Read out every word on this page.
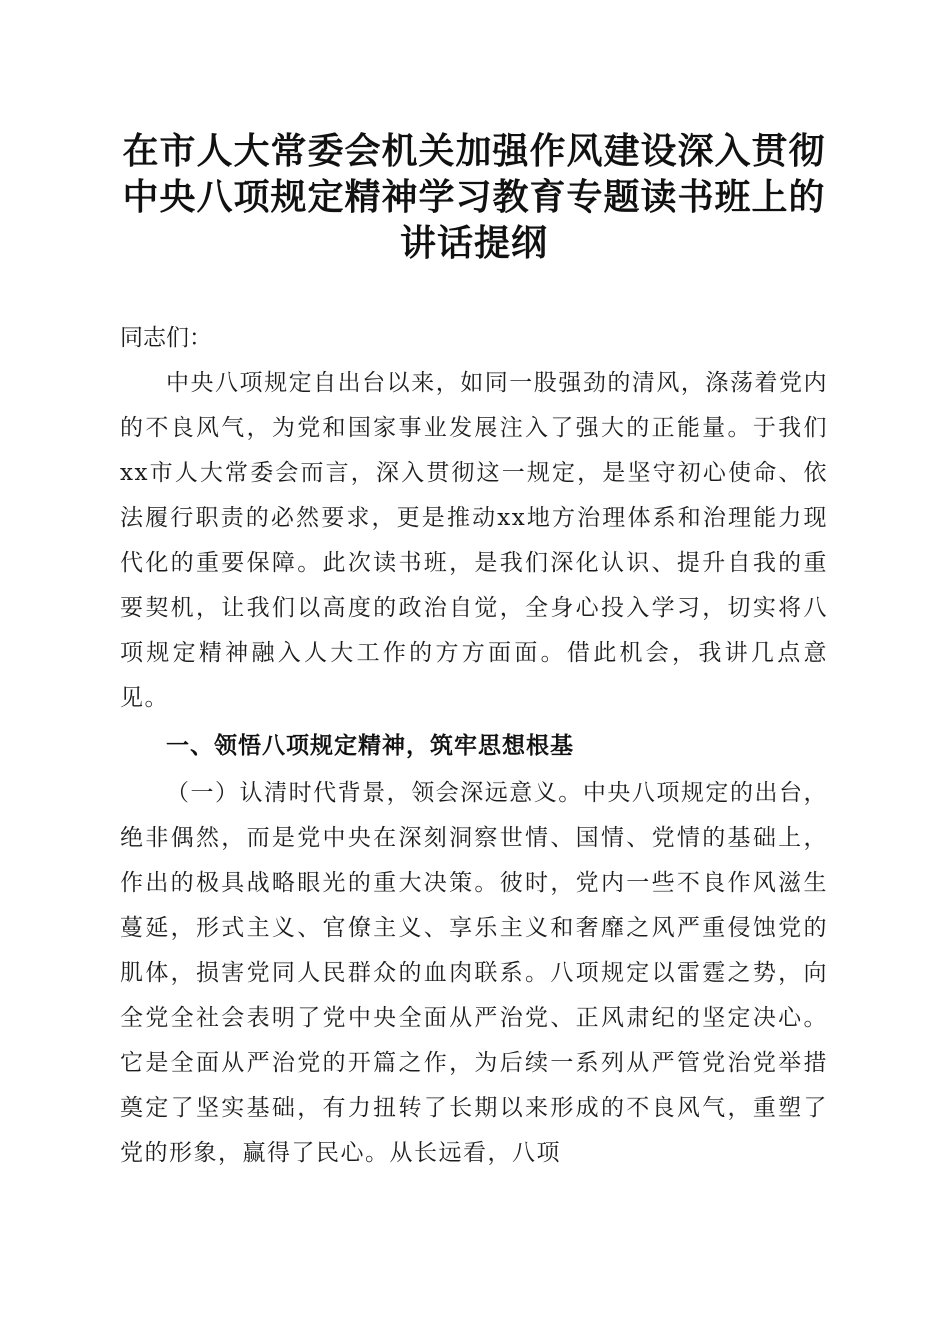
在市人大常委会机关加强作风建设深入贯彻中央八项规定精神学习教育专题读书班上的讲话提纲

同志们：

中央八项规定自出台以来，如同一股强劲的清风，涤荡着党内的不良风气，为党和国家事业发展注入了强大的正能量。于我们xx市人大常委会而言，深入贯彻这一规定，是坚守初心使命、依法履行职责的必然要求，更是推动xx地方治理体系和治理能力现代化的重要保障。此次读书班，是我们深化认识、提升自我的重要契机，让我们以高度的政治自觉，全身心投入学习，切实将八项规定精神融入人大工作的方方面面。借此机会，我讲几点意见。

一、领悟八项规定精神，筑牢思想根基

（一）认清时代背景，领会深远意义。中央八项规定的出台，绝非偶然，而是党中央在深刻洞察世情、国情、党情的基础上，作出的极具战略眼光的重大决策。彼时，党内一些不良作风滋生蔓延，形式主义、官僚主义、享乐主义和奢靡之风严重侵蚀党的肌体，损害党同人民群众的血肉联系。八项规定以雷霆之势，向全党全社会表明了党中央全面从严治党、正风肃纪的坚定决心。它是全面从严治党的开篇之作，为后续一系列从严管党治党举措奠定了坚实基础，有力扭转了长期以来形成的不良风气，重塑了党的形象，赢得了民心。从长远看，八项
